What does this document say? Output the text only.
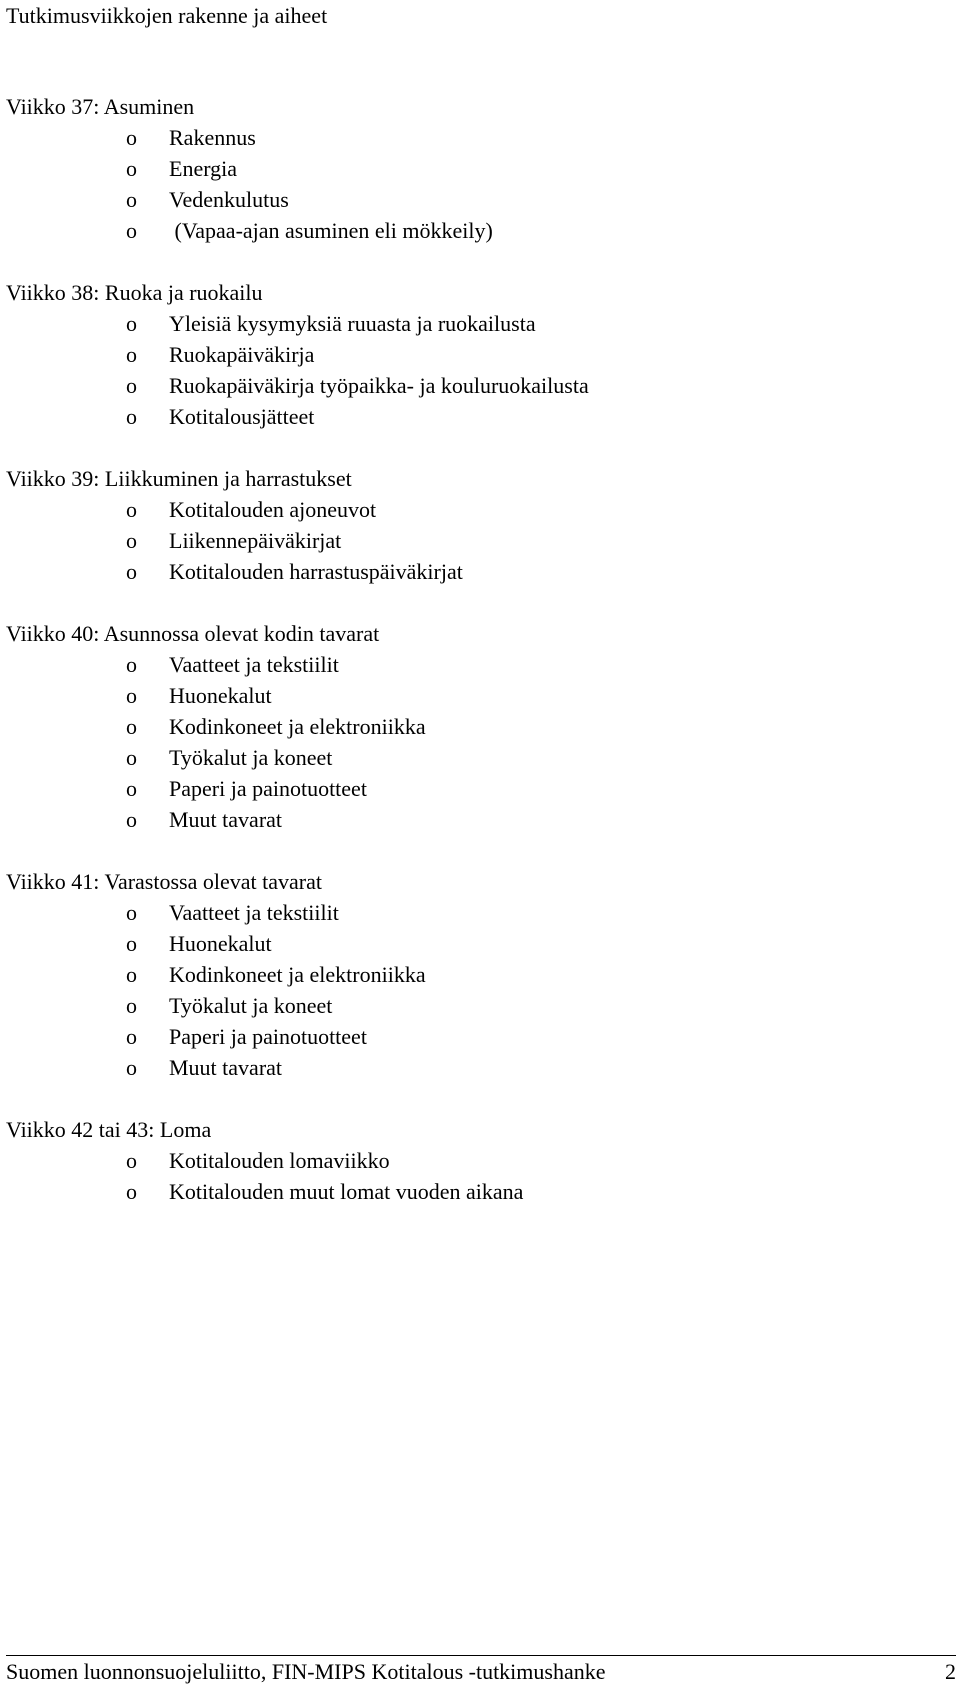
Tutkimusviikkojen rakenne ja aiheet
Viikko 37: Asuminen
o Rakennus
o Energia
o Vedenkulutus
o (Vapaa-ajan asuminen eli mökkeily)
Viikko 38: Ruoka ja ruokailu
o Yleisiä kysymyksiä ruuasta ja ruokailusta
o Ruokapäiväkirja
o Ruokapäiväkirja työpaikka- ja kouluruokailusta
o Kotitalousjätteet
Viikko 39: Liikkuminen ja harrastukset
o Kotitalouden ajoneuvot
o Liikennepäiväkirjat
o Kotitalouden harrastuspäiväkirjat
Viikko 40: Asunnossa olevat kodin tavarat
o Vaatteet ja tekstiilit
o Huonekalut
o Kodinkoneet ja elektroniikka
o Työkalut ja koneet
o Paperi ja painotuotteet
o Muut tavarat
Viikko 41: Varastossa olevat tavarat
o Vaatteet ja tekstiilit
o Huonekalut
o Kodinkoneet ja elektroniikka
o Työkalut ja koneet
o Paperi ja painotuotteet
o Muut tavarat
Viikko 42 tai 43: Loma
o Kotitalouden lomaviikko
o Kotitalouden muut lomat vuoden aikana
Suomen luonnonsuojeluliitto, FIN-MIPS Kotitalous -tutkimushanke	2
